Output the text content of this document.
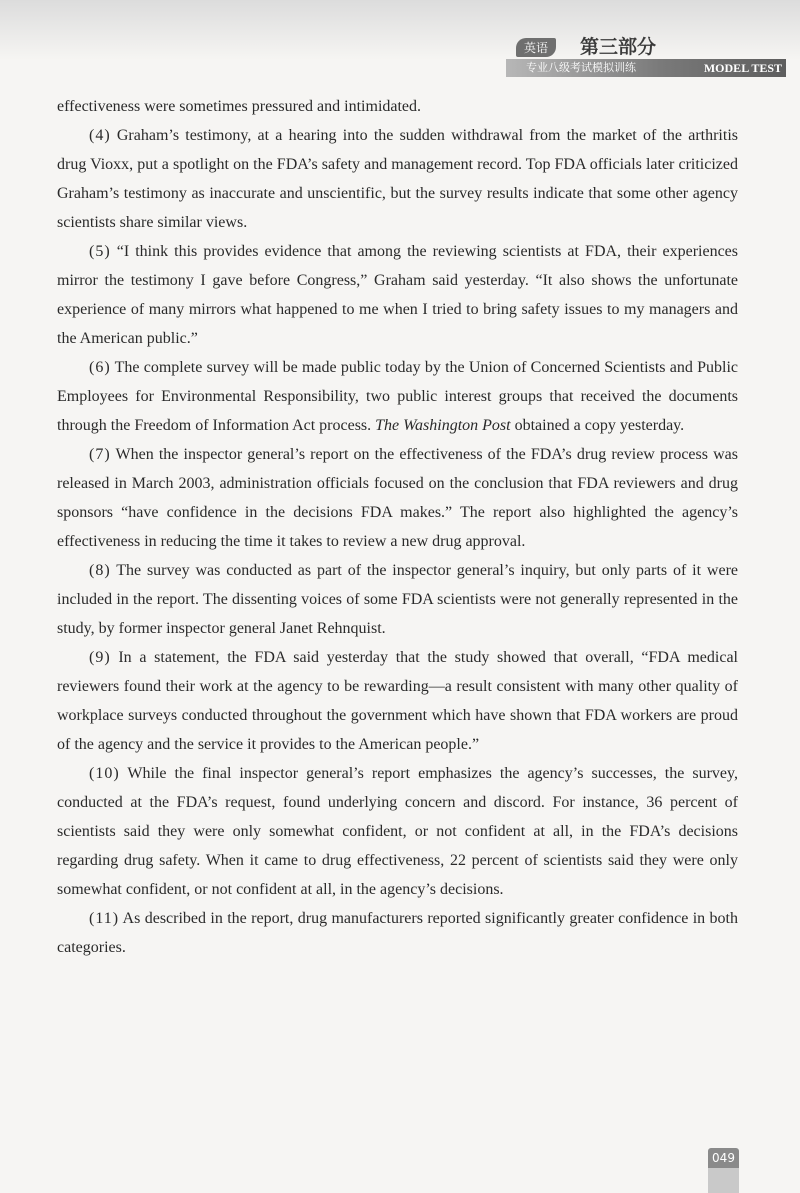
英语	第三部分
专业八级考试模拟训练	MODEL TEST

effectiveness were sometimes pressured and intimidated.

(4) Graham’s testimony, at a hearing into the sudden withdrawal from the market of the arthritis drug Vioxx, put a spotlight on the FDA’s safety and management record. Top FDA officials later criticized Graham’s testimony as inaccurate and unscientific, but the survey results indicate that some other agency scientists share similar views.

(5) “I think this provides evidence that among the reviewing scientists at FDA, their experiences mirror the testimony I gave before Congress,” Graham said yesterday. “It also shows the unfortunate experience of many mirrors what happened to me when I tried to bring safety issues to my managers and the American public.”

(6) The complete survey will be made public today by the Union of Concerned Scientists and Public Employees for Environmental Responsibility, two public interest groups that received the documents through the Freedom of Information Act process. The Washington Post obtained a copy yesterday.

(7) When the inspector general’s report on the effectiveness of the FDA’s drug review process was released in March 2003, administration officials focused on the conclusion that FDA reviewers and drug sponsors “have confidence in the decisions FDA makes.” The report also highlighted the agency’s effectiveness in reducing the time it takes to review a new drug approval.

(8) The survey was conducted as part of the inspector general’s inquiry, but only parts of it were included in the report. The dissenting voices of some FDA scientists were not generally represented in the study, by former inspector general Janet Rehnquist.

(9) In a statement, the FDA said yesterday that the study showed that overall, “FDA medical reviewers found their work at the agency to be rewarding—a result consistent with many other quality of workplace surveys conducted throughout the government which have shown that FDA workers are proud of the agency and the service it provides to the American people.”

(10) While the final inspector general’s report emphasizes the agency’s successes, the survey, conducted at the FDA’s request, found underlying concern and discord. For instance, 36 percent of scientists said they were only somewhat confident, or not confident at all, in the FDA’s decisions regarding drug safety. When it came to drug effectiveness, 22 percent of scientists said they were only somewhat confident, or not confident at all, in the agency’s decisions.

(11) As described in the report, drug manufacturers reported significantly greater confidence in both categories.

049
